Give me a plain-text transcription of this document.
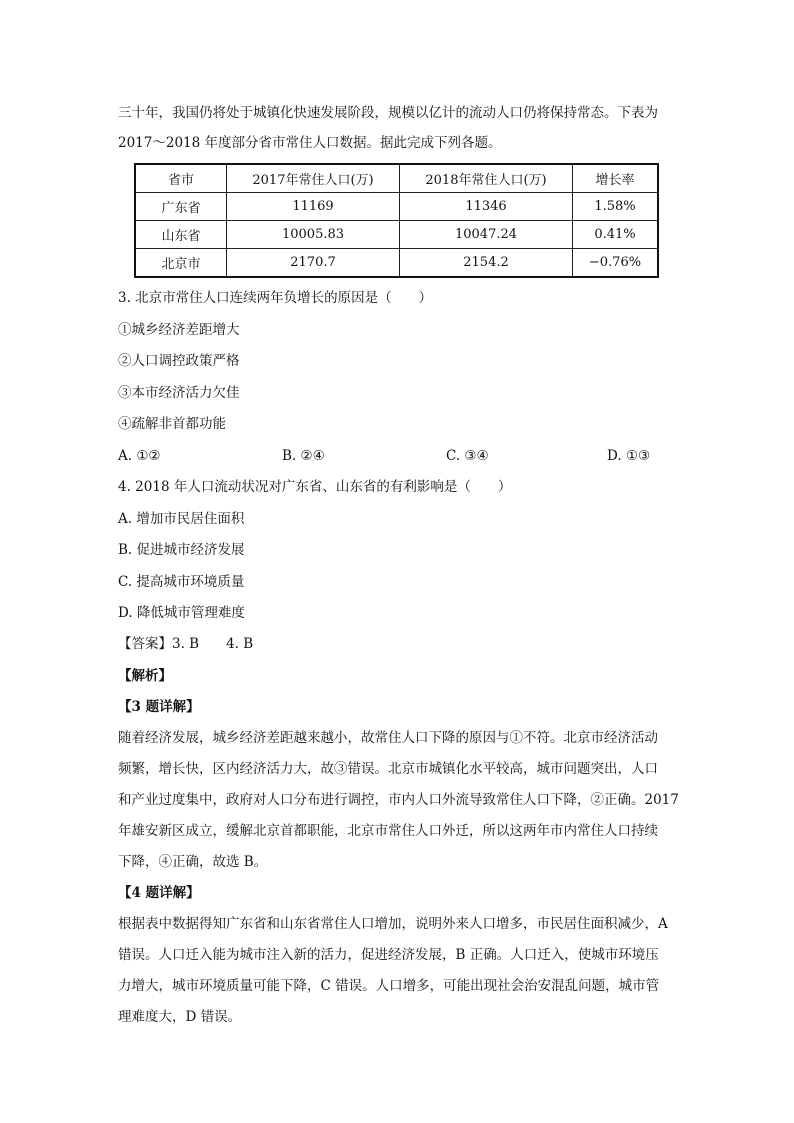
三十年，我国仍将处于城镇化快速发展阶段，规模以亿计的流动人口仍将保持常态。下表为
2017～2018 年度部分省市常住人口数据。据此完成下列各题。
省市	2017年常住人口(万)	2018年常住人口(万)	增长率
广东省	11169	11346	1.58%
山东省	10005.83	10047.24	0.41%
北京市	2170.7	2154.2	−0.76%
3. 北京市常住人口连续两年负增长的原因是（　　）
①城乡经济差距增大
②人口调控政策严格
③本市经济活力欠佳
④疏解非首都功能
A. ①②	B. ②④	C. ③④	D. ①③
4. 2018 年人口流动状况对广东省、山东省的有利影响是（　　）
A. 增加市民居住面积
B. 促进城市经济发展
C. 提高城市环境质量
D. 降低城市管理难度
【答案】3. B　　4. B
【解析】
【3 题详解】
随着经济发展，城乡经济差距越来越小，故常住人口下降的原因与①不符。北京市经济活动
频繁，增长快，区内经济活力大，故③错误。北京市城镇化水平较高，城市问题突出，人口
和产业过度集中，政府对人口分布进行调控，市内人口外流导致常住人口下降，②正确。2017
年雄安新区成立，缓解北京首都职能，北京市常住人口外迁，所以这两年市内常住人口持续
下降，④正确，故选 B。
【4 题详解】
根据表中数据得知广东省和山东省常住人口增加，说明外来人口增多，市民居住面积减少，A
错误。人口迁入能为城市注入新的活力，促进经济发展，B 正确。人口迁入，使城市环境压
力增大，城市环境质量可能下降，C 错误。人口增多，可能出现社会治安混乱问题，城市管
理难度大，D 错误。
